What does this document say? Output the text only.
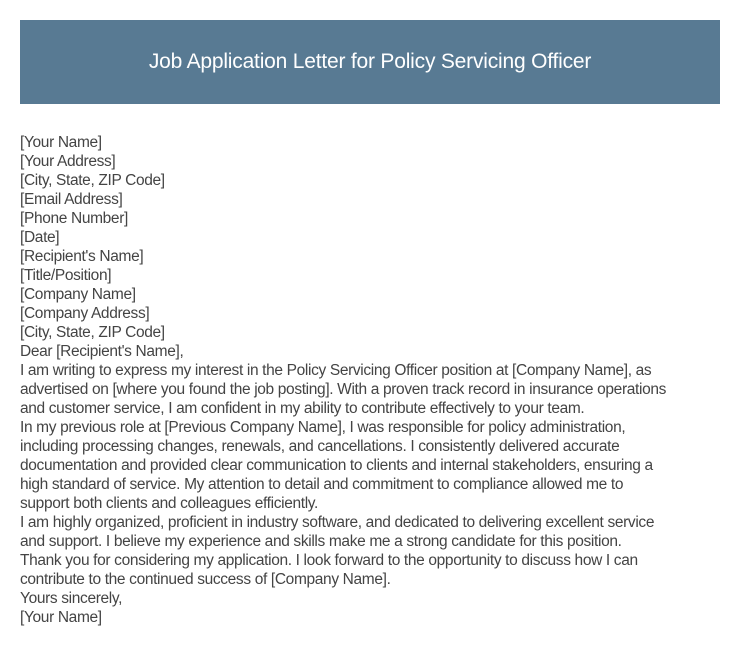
Job Application Letter for Policy Servicing Officer
[Your Name]
[Your Address]
[City, State, ZIP Code]
[Email Address]
[Phone Number]
[Date]
[Recipient's Name]
[Title/Position]
[Company Name]
[Company Address]
[City, State, ZIP Code]
Dear [Recipient's Name],
I am writing to express my interest in the Policy Servicing Officer position at [Company Name], as
advertised on [where you found the job posting]. With a proven track record in insurance operations
and customer service, I am confident in my ability to contribute effectively to your team.
In my previous role at [Previous Company Name], I was responsible for policy administration,
including processing changes, renewals, and cancellations. I consistently delivered accurate
documentation and provided clear communication to clients and internal stakeholders, ensuring a
high standard of service. My attention to detail and commitment to compliance allowed me to
support both clients and colleagues efficiently.
I am highly organized, proficient in industry software, and dedicated to delivering excellent service
and support. I believe my experience and skills make me a strong candidate for this position.
Thank you for considering my application. I look forward to the opportunity to discuss how I can
contribute to the continued success of [Company Name].
Yours sincerely,
[Your Name]
